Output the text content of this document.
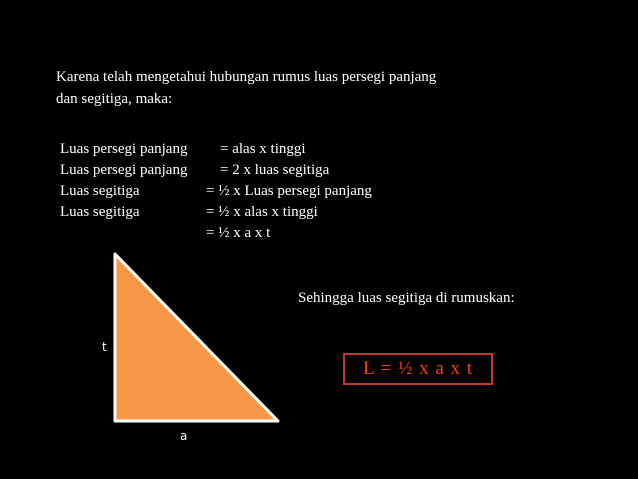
Karena telah mengetahui hubungan rumus luas persegi panjang
dan segitiga, maka:
Luas persegi panjang = alas x tinggi
Luas persegi panjang = 2 x luas segitiga
Luas segitiga	= ½ x Luas persegi panjang
Luas segitiga	= ½ x alas x tinggi
= ½ x a x t
t
a
Sehingga luas segitiga di rumuskan:
L = ½ x a x t
